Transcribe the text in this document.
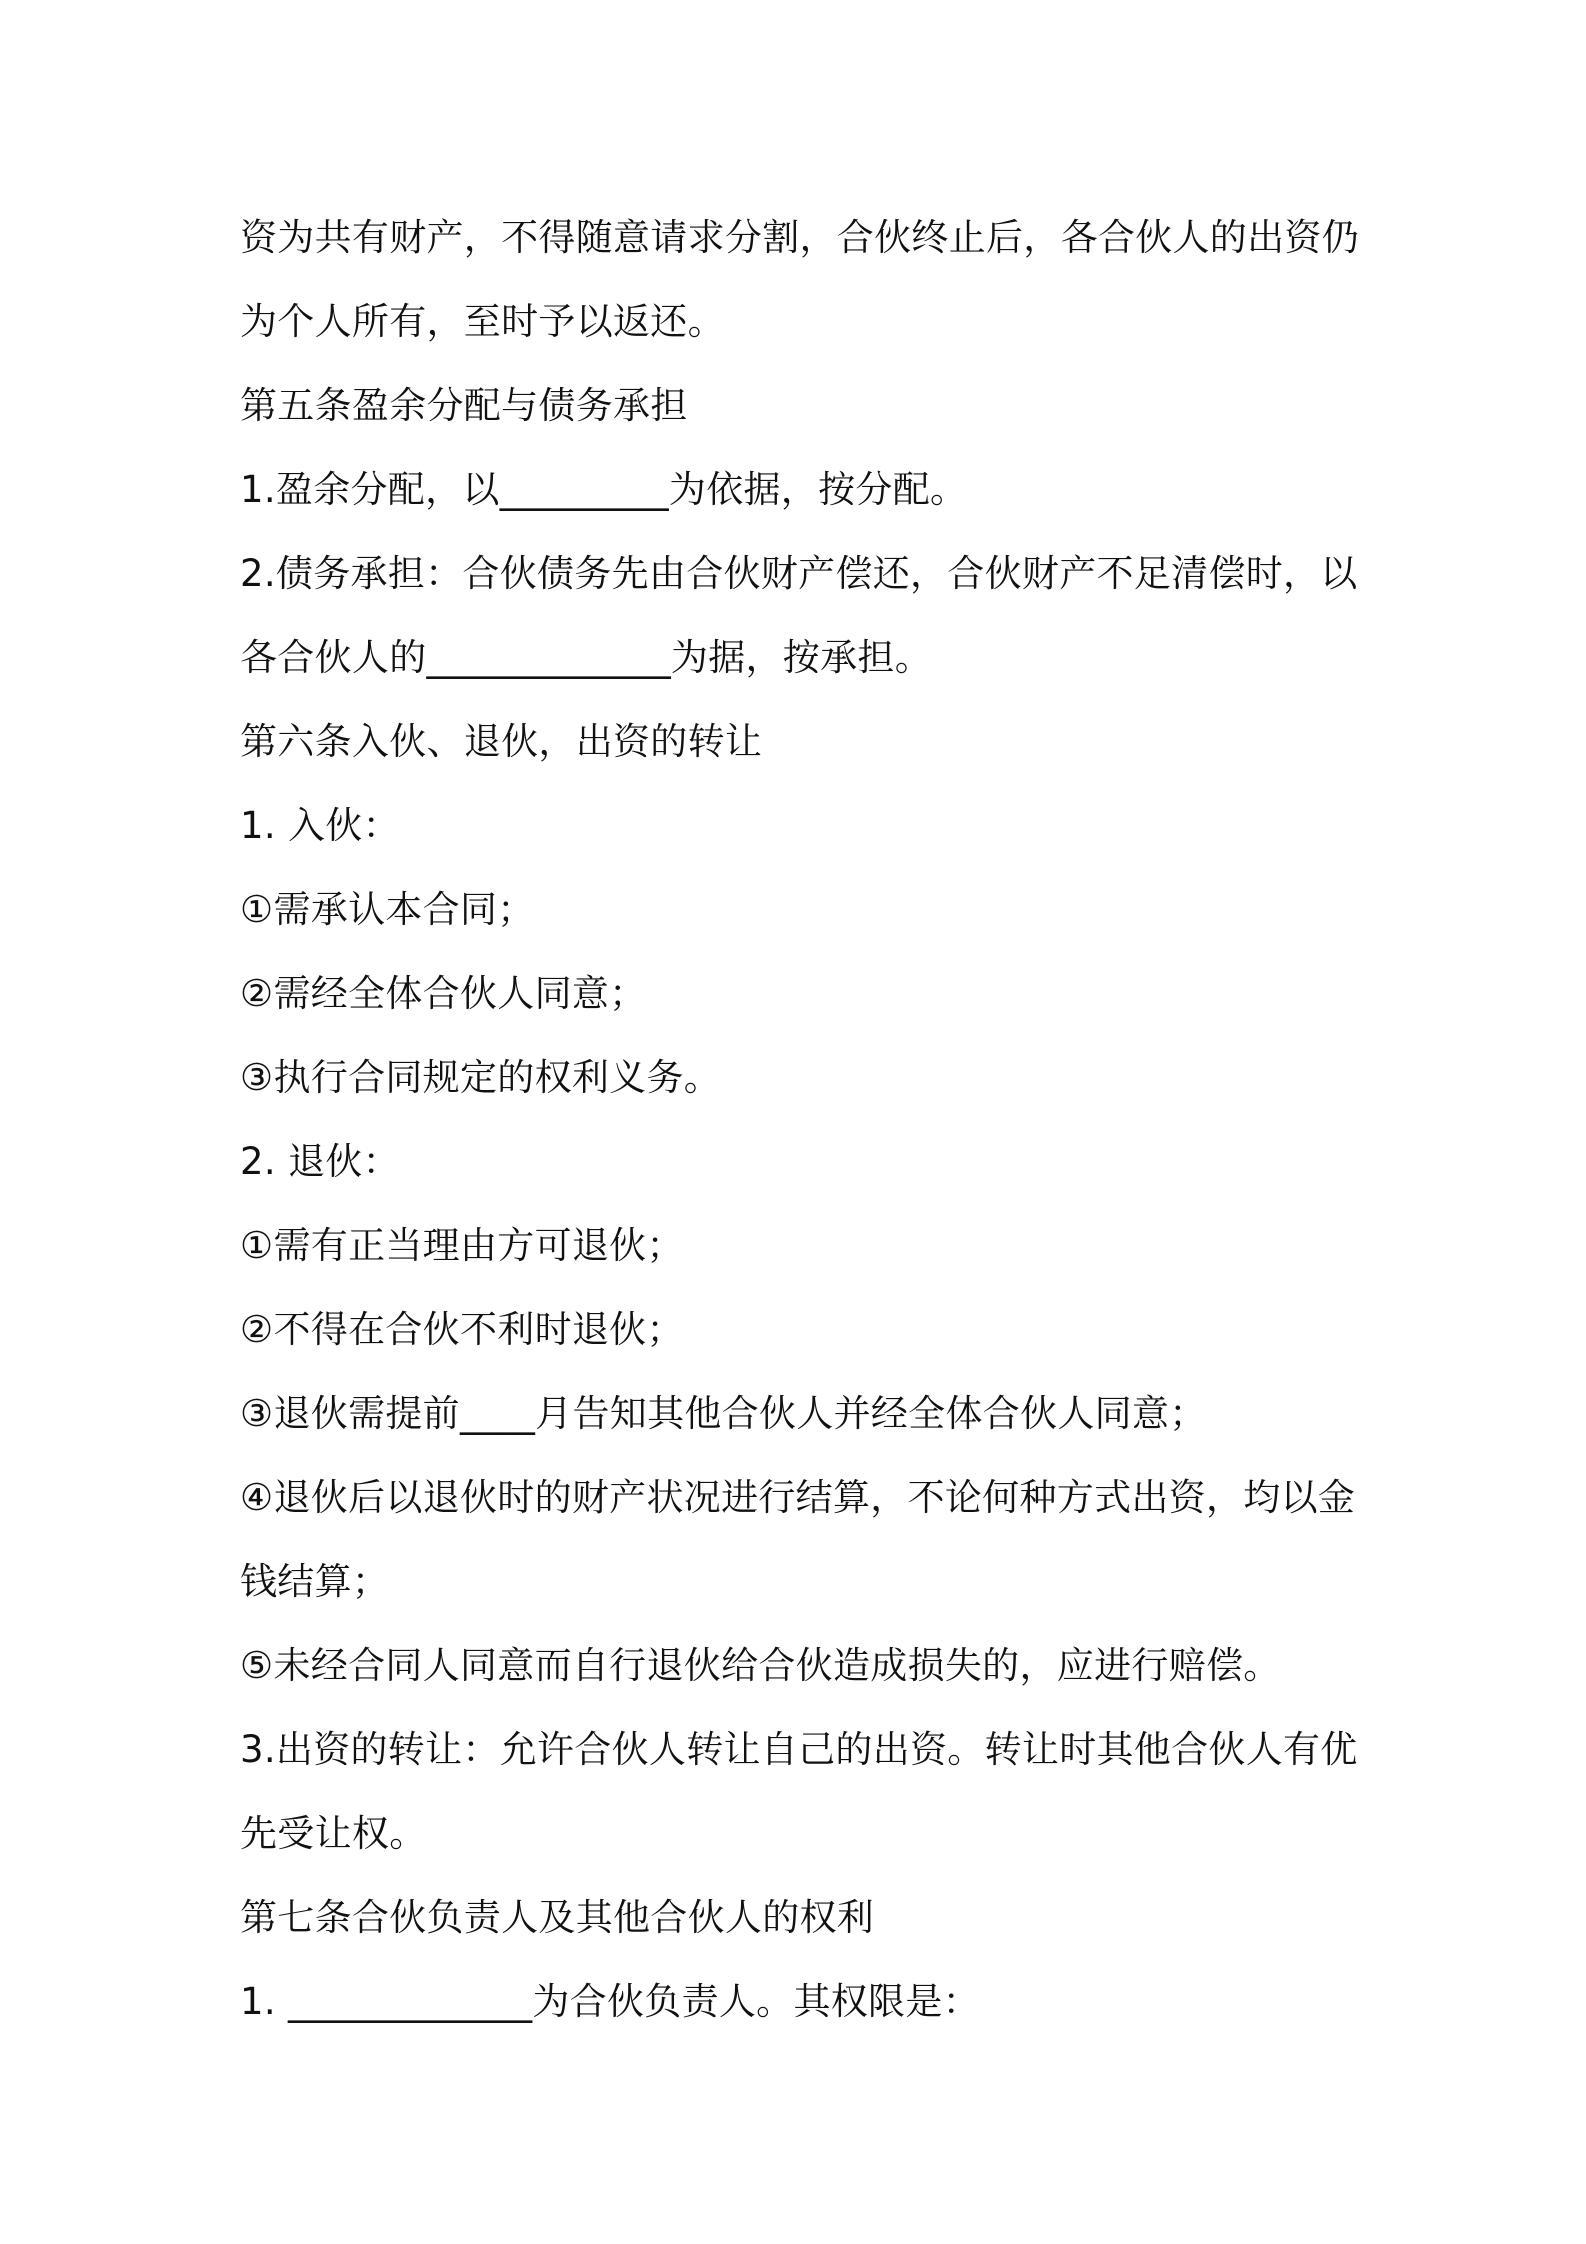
资为共有财产，不得随意请求分割，合伙终止后，各合伙人的出资仍
为个人所有，至时予以返还。
第五条盈余分配与债务承担
1.盈余分配，以_________为依据，按分配。
2.债务承担：合伙债务先由合伙财产偿还，合伙财产不足清偿时，以
各合伙人的_____________为据，按承担。
第六条入伙、退伙，出资的转让
1. 入伙：
①需承认本合同；
②需经全体合伙人同意；
③执行合同规定的权利义务。
2. 退伙：
①需有正当理由方可退伙；
②不得在合伙不利时退伙；
③退伙需提前____月告知其他合伙人并经全体合伙人同意；
④退伙后以退伙时的财产状况进行结算，不论何种方式出资，均以金
钱结算；
⑤未经合同人同意而自行退伙给合伙造成损失的，应进行赔偿。
3.出资的转让：允许合伙人转让自己的出资。转让时其他合伙人有优
先受让权。
第七条合伙负责人及其他合伙人的权利
1. _____________为合伙负责人。其权限是：
